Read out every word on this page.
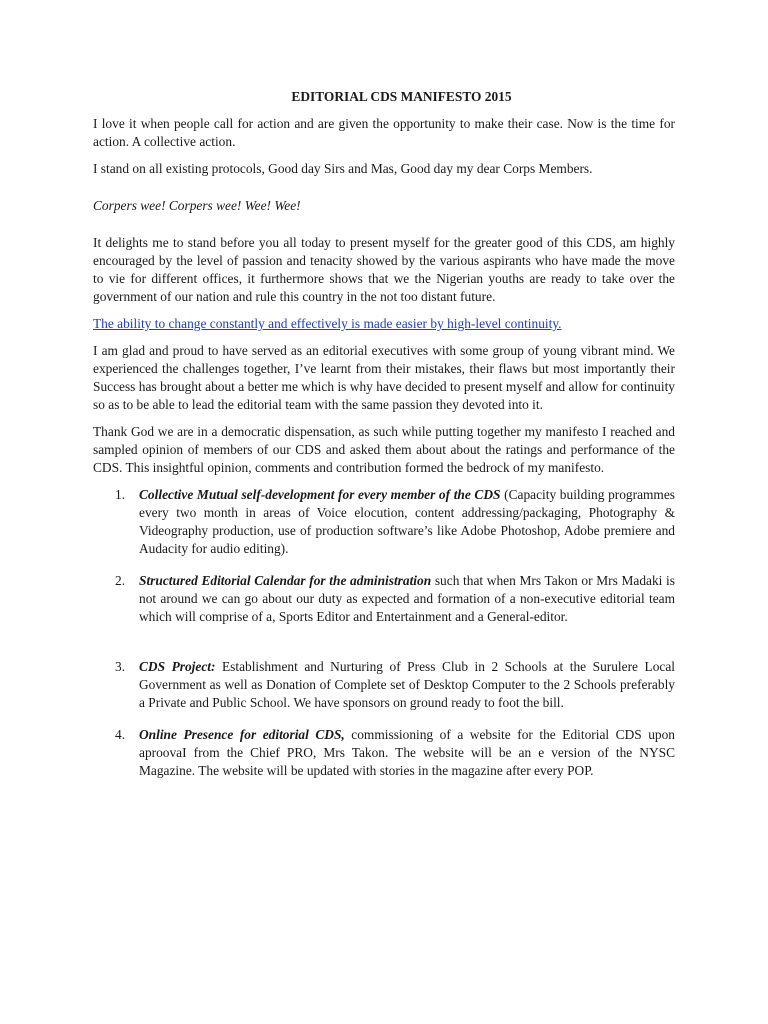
EDITORIAL CDS MANIFESTO 2015

I love it when people call for action and are given the opportunity to make their case. Now is the time for action. A collective action.

I stand on all existing protocols, Good day Sirs and Mas, Good day my dear Corps Members.

Corpers wee! Corpers wee! Wee! Wee!

It delights me to stand before you all today to present myself for the greater good of this CDS, am highly encouraged by the level of passion and tenacity showed by the various aspirants who have made the move to vie for different offices, it furthermore shows that we the Nigerian youths are ready to take over the government of our nation and rule this country in the not too distant future.

The ability to change constantly and effectively is made easier by high-level continuity.

I am glad and proud to have served as an editorial executives with some group of young vibrant mind. We experienced the challenges together, I’ve learnt from their mistakes, their flaws but most importantly their Success has brought about a better me which is why have decided to present myself and allow for continuity so as to be able to lead the editorial team with the same passion they devoted into it.

Thank God we are in a democratic dispensation, as such while putting together my manifesto I reached and sampled opinion of members of our CDS and asked them about about the ratings and performance of the CDS. This insightful opinion, comments and contribution formed the bedrock of my manifesto.

1. Collective Mutual self-development for every member of the CDS (Capacity building programmes every two month in areas of Voice elocution, content addressing/packaging, Photography & Videography production, use of production software’s like Adobe Photoshop, Adobe premiere and Audacity for audio editing).
2. Structured Editorial Calendar for the administration such that when Mrs Takon or Mrs Madaki is not around we can go about our duty as expected and formation of a non-executive editorial team which will comprise of a, Sports Editor and Entertainment and a General-editor.
3. CDS Project: Establishment and Nurturing of Press Club in 2 Schools at the Surulere Local Government as well as Donation of Complete set of Desktop Computer to the 2 Schools preferably a Private and Public School. We have sponsors on ground ready to foot the bill.
4. Online Presence for editorial CDS, commissioning of a website for the Editorial CDS upon aproovaI from the Chief PRO, Mrs Takon. The website will be an e version of the NYSC Magazine. The website will be updated with stories in the magazine after every POP.
